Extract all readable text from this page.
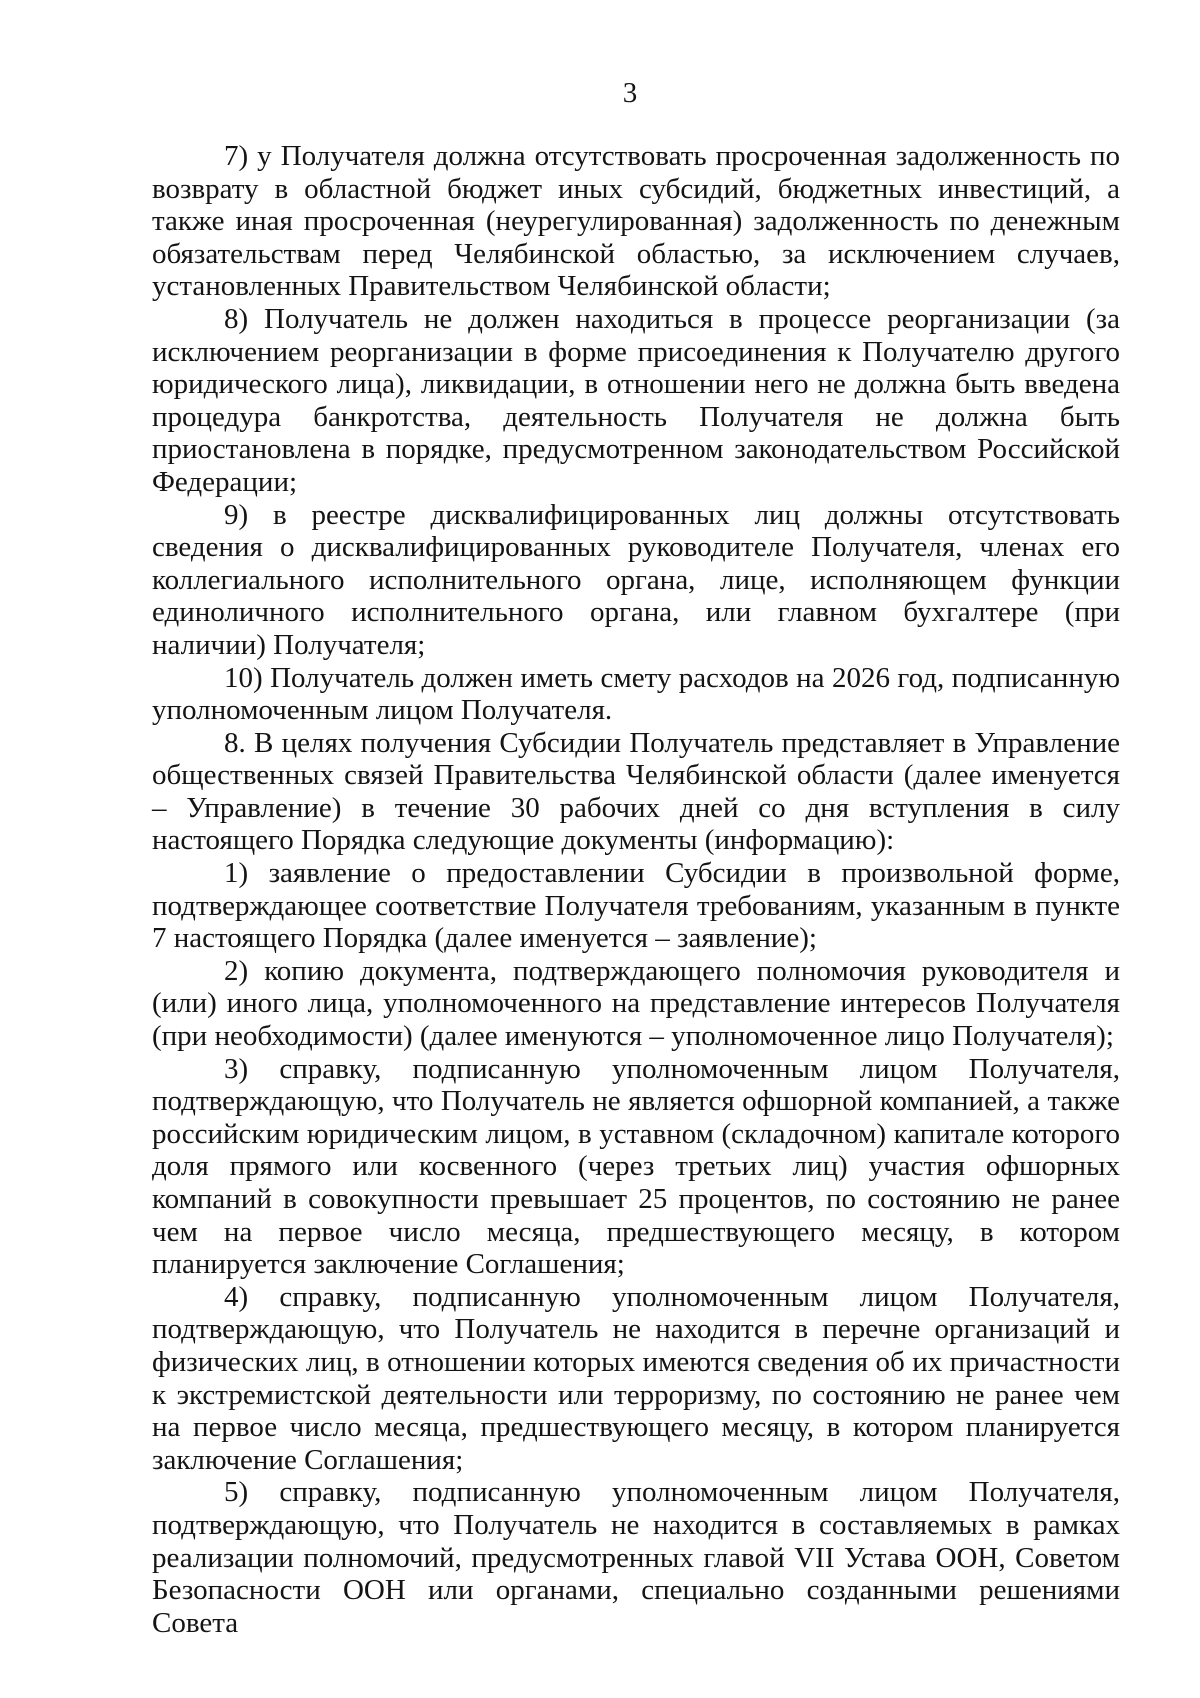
3

7) у Получателя должна отсутствовать просроченная задолженность по возврату в областной бюджет иных субсидий, бюджетных инвестиций, а также иная просроченная (неурегулированная) задолженность по денежным обязательствам перед Челябинской областью, за исключением случаев, установленных Правительством Челябинской области;

8) Получатель не должен находиться в процессе реорганизации (за исключением реорганизации в форме присоединения к Получателю другого юридического лица), ликвидации, в отношении него не должна быть введена процедура банкротства, деятельность Получателя не должна быть приостановлена в порядке, предусмотренном законодательством Российской Федерации;

9) в реестре дисквалифицированных лиц должны отсутствовать сведения о дисквалифицированных руководителе Получателя, членах его коллегиального исполнительного органа, лице, исполняющем функции единоличного исполнительного органа, или главном бухгалтере (при наличии) Получателя;

10) Получатель должен иметь смету расходов на 2026 год, подписанную уполномоченным лицом Получателя.

8. В целях получения Субсидии Получатель представляет в Управление общественных связей Правительства Челябинской области (далее именуется – Управление) в течение 30 рабочих дней со дня вступления в силу настоящего Порядка следующие документы (информацию):

1) заявление о предоставлении Субсидии в произвольной форме, подтверждающее соответствие Получателя требованиям, указанным в пункте 7 настоящего Порядка (далее именуется – заявление);

2) копию документа, подтверждающего полномочия руководителя и (или) иного лица, уполномоченного на представление интересов Получателя (при необходимости) (далее именуются – уполномоченное лицо Получателя);

3) справку, подписанную уполномоченным лицом Получателя, подтверждающую, что Получатель не является офшорной компанией, а также российским юридическим лицом, в уставном (складочном) капитале которого доля прямого или косвенного (через третьих лиц) участия офшорных компаний в совокупности превышает 25 процентов, по состоянию не ранее чем на первое число месяца, предшествующего месяцу, в котором планируется заключение Соглашения;

4) справку, подписанную уполномоченным лицом Получателя, подтверждающую, что Получатель не находится в перечне организаций и физических лиц, в отношении которых имеются сведения об их причастности к экстремистской деятельности или терроризму, по состоянию не ранее чем на первое число месяца, предшествующего месяцу, в котором планируется заключение Соглашения;

5) справку, подписанную уполномоченным лицом Получателя, подтверждающую, что Получатель не находится в составляемых в рамках реализации полномочий, предусмотренных главой VII Устава ООН, Советом Безопасности ООН или органами, специально созданными решениями Совета
